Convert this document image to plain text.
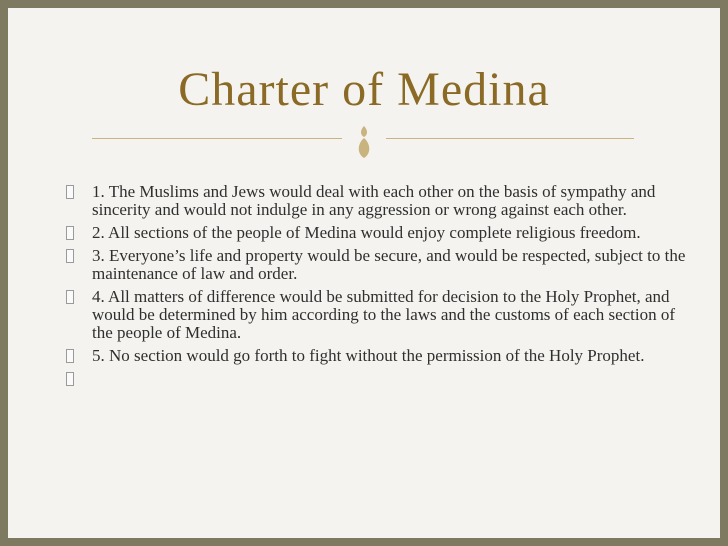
Charter of Medina
1. The Muslims and Jews would deal with each other on the basis of sympathy and sincerity and would not indulge in any aggression or wrong against each other.
2. All sections of the people of Medina would enjoy complete religious freedom.
3. Everyone’s life and property would be secure, and would be respected, subject to the maintenance of law and order.
4. All matters of difference would be submitted for decision to the Holy Prophet, and would be determined by him according to the laws and the customs of each section of the people of Medina.
5. No section would go forth to fight without the permission of the Holy Prophet.
